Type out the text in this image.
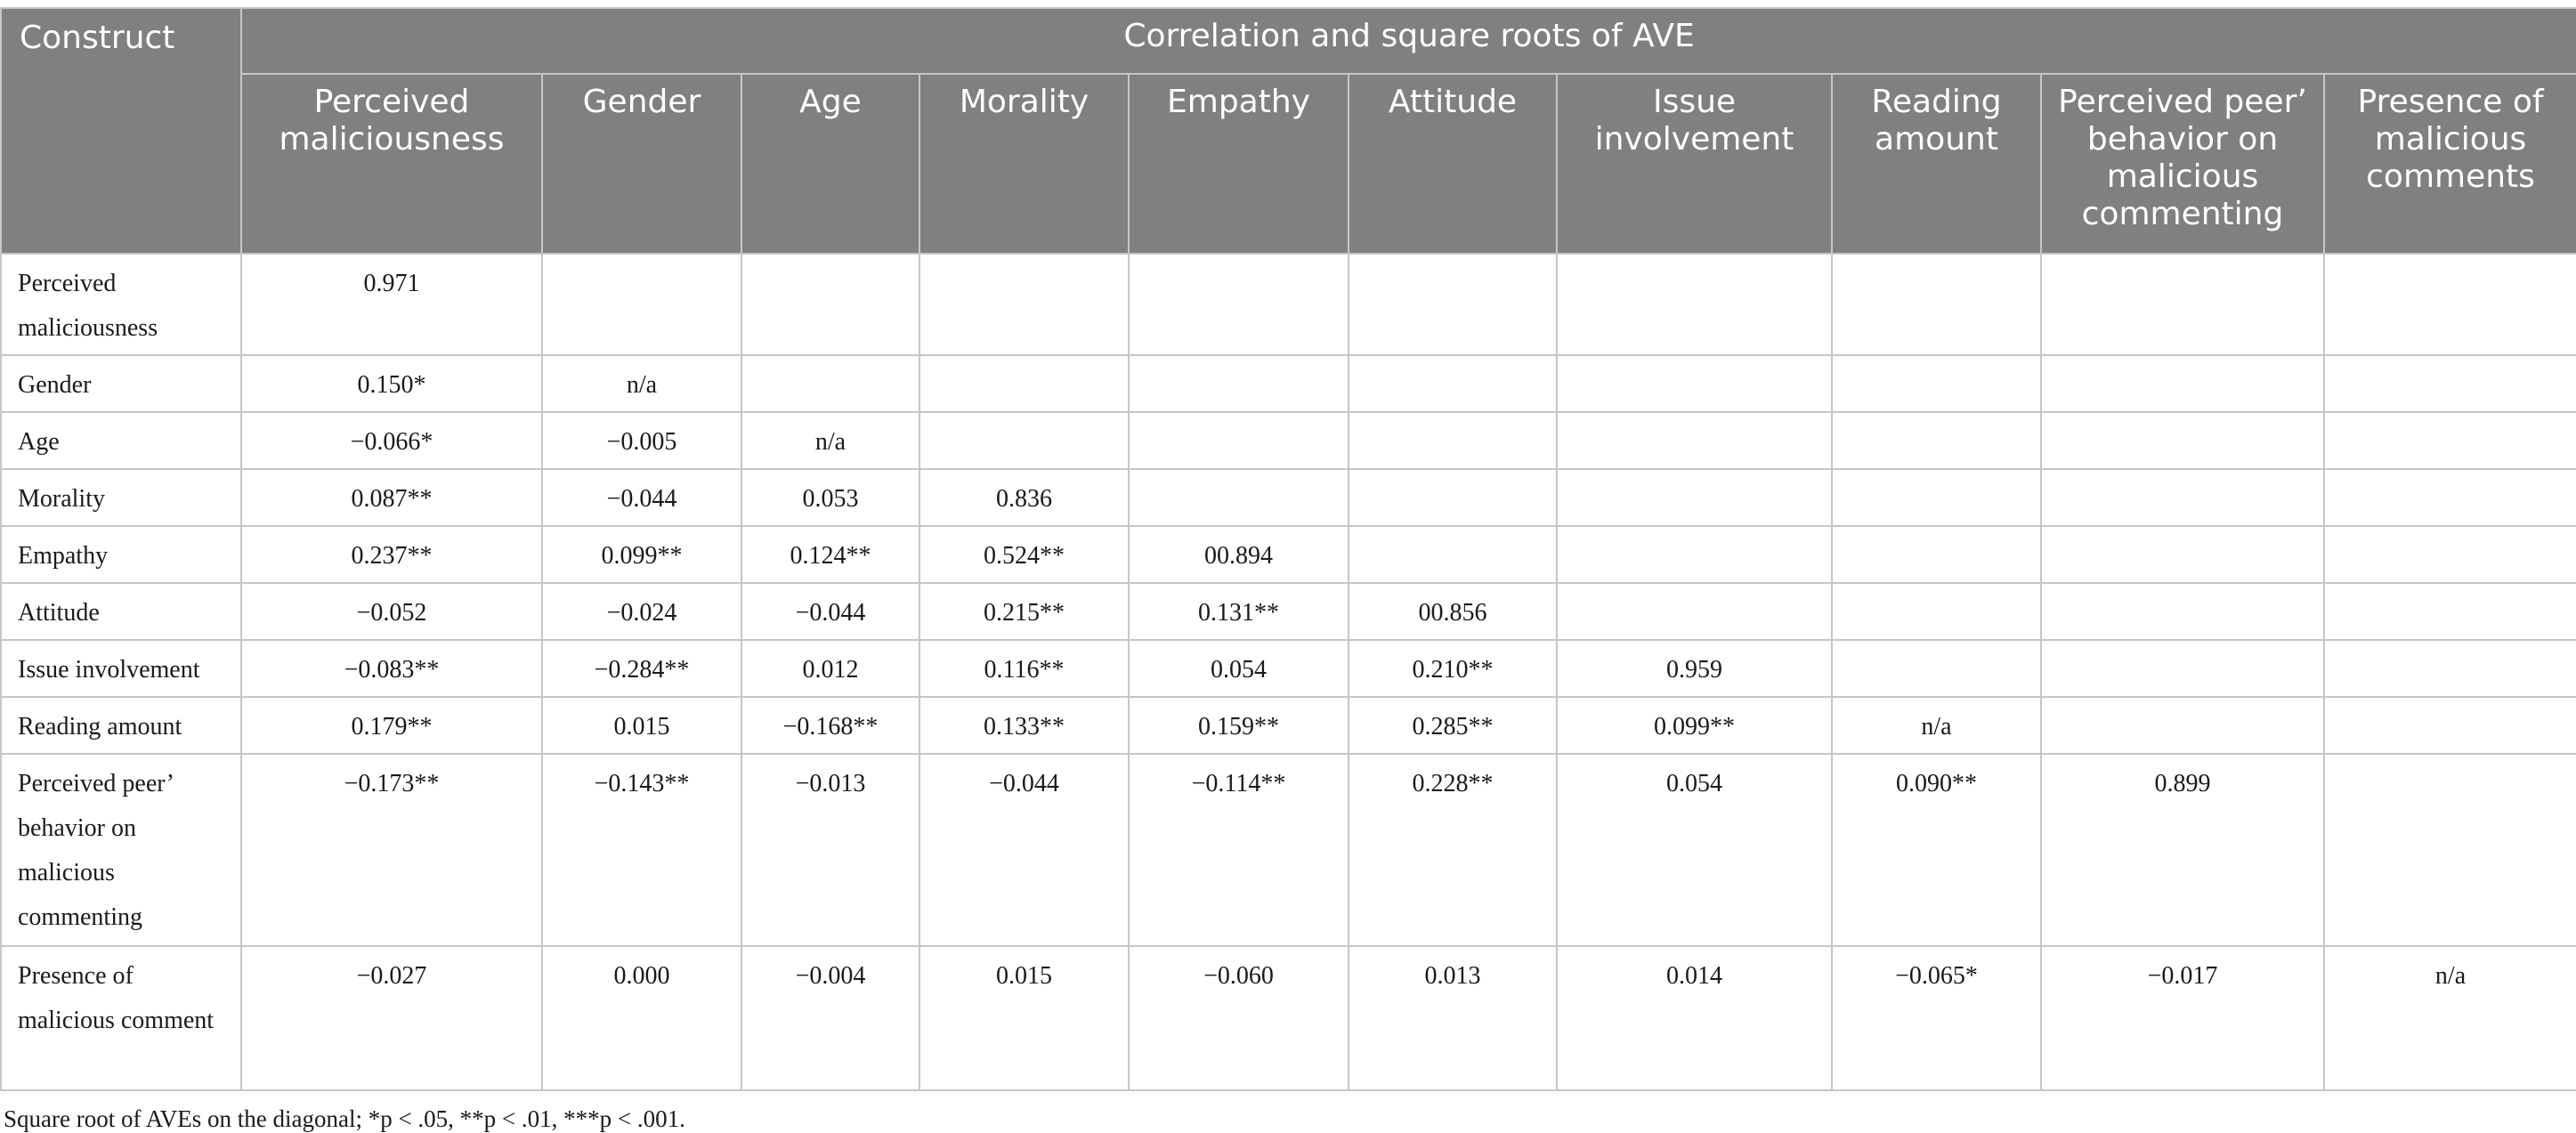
Construct	Correlation and square roots of AVE									
	Perceived maliciousness	Gender	Age	Morality	Empathy	Attitude	Issue involvement	Reading amount	Perceived peer’ behavior on malicious commenting	Presence of malicious comments
Perceived maliciousness	0.971									
Gender	0.150*	n/a								
Age	−0.066*	−0.005	n/a							
Morality	0.087**	−0.044	0.053	0.836						
Empathy	0.237**	0.099**	0.124**	0.524**	00.894					
Attitude	−0.052	−0.024	−0.044	0.215**	0.131**	00.856				
Issue involvement	−0.083**	−0.284**	0.012	0.116**	0.054	0.210**	0.959			
Reading amount	0.179**	0.015	−0.168**	0.133**	0.159**	0.285**	0.099**	n/a		
Perceived peer’ behavior on malicious commenting	−0.173**	−0.143**	−0.013	−0.044	−0.114**	0.228**	0.054	0.090**	0.899	
Presence of malicious comment	−0.027	0.000	−0.004	0.015	−0.060	0.013	0.014	−0.065*	−0.017	n/a
Square root of AVEs on the diagonal; *p < .05, **p < .01, ***p < .001.
